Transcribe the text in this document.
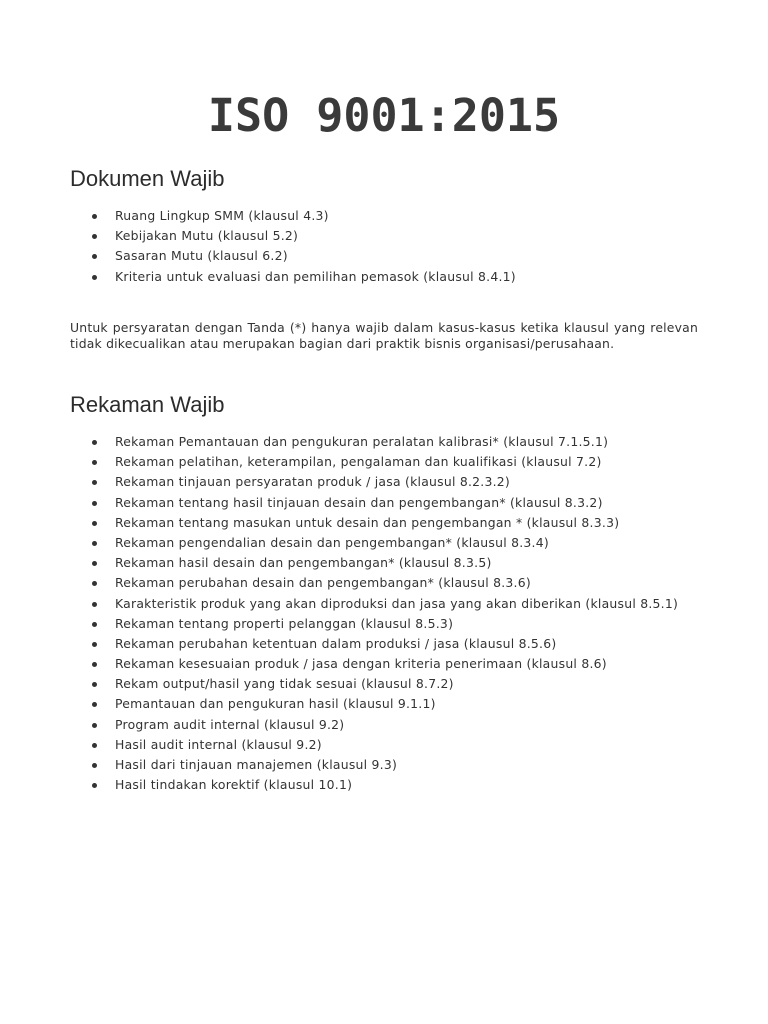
ISO 9001:2015
Dokumen Wajib
Ruang Lingkup SMM (klausul 4.3)
Kebijakan Mutu (klausul 5.2)
Sasaran Mutu (klausul 6.2)
Kriteria untuk evaluasi dan pemilihan pemasok (klausul 8.4.1)

Untuk persyaratan dengan Tanda (*) hanya wajib dalam kasus-kasus ketika klausul yang relevan tidak dikecualikan atau merupakan bagian dari praktik bisnis organisasi/perusahaan.

Rekaman Wajib
Rekaman Pemantauan dan pengukuran peralatan kalibrasi* (klausul 7.1.5.1)
Rekaman pelatihan, keterampilan, pengalaman dan kualifikasi (klausul 7.2)
Rekaman tinjauan persyaratan produk / jasa (klausul 8.2.3.2)
Rekaman tentang hasil tinjauan desain dan pengembangan* (klausul 8.3.2)
Rekaman tentang masukan untuk desain dan pengembangan * (klausul 8.3.3)
Rekaman pengendalian desain dan pengembangan* (klausul 8.3.4)
Rekaman hasil desain dan pengembangan* (klausul 8.3.5)
Rekaman perubahan desain dan pengembangan* (klausul 8.3.6)
Karakteristik produk yang akan diproduksi dan jasa yang akan diberikan (klausul 8.5.1)
Rekaman tentang properti pelanggan (klausul 8.5.3)
Rekaman perubahan ketentuan dalam produksi / jasa (klausul 8.5.6)
Rekaman kesesuaian produk / jasa dengan kriteria penerimaan (klausul 8.6)
Rekam output/hasil yang tidak sesuai (klausul 8.7.2)
Pemantauan dan pengukuran hasil (klausul 9.1.1)
Program audit internal (klausul 9.2)
Hasil audit internal (klausul 9.2)
Hasil dari tinjauan manajemen (klausul 9.3)
Hasil tindakan korektif (klausul 10.1)
